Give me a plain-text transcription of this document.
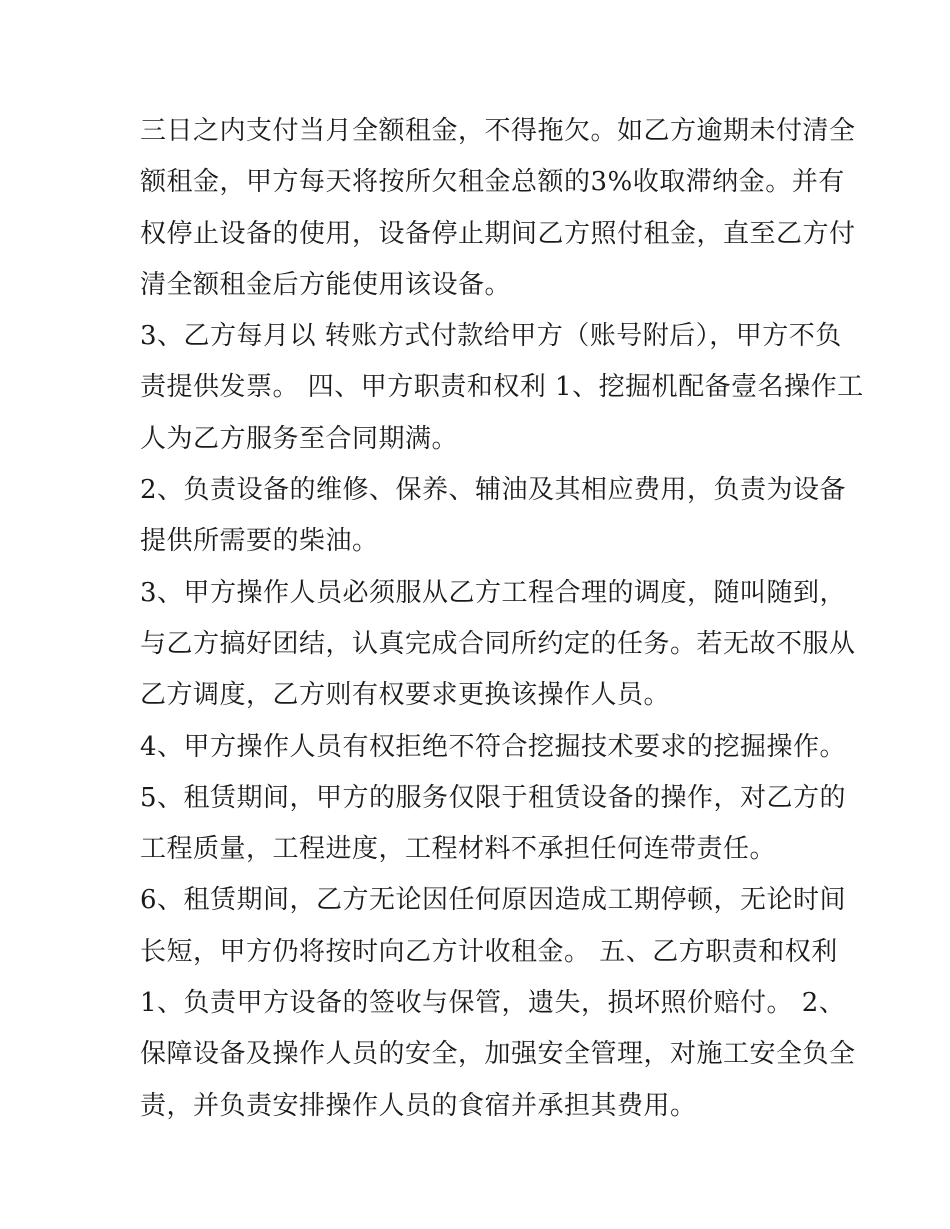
三日之内支付当月全额租金，不得拖欠。如乙方逾期未付清全
额租金，甲方每天将按所欠租金总额的3%收取滞纳金。并有
权停止设备的使用，设备停止期间乙方照付租金，直至乙方付
清全额租金后方能使用该设备。
3、乙方每月以 转账方式付款给甲方（账号附后），甲方不负
责提供发票。 四、甲方职责和权利 1、挖掘机配备壹名操作工
人为乙方服务至合同期满。
2、负责设备的维修、保养、辅油及其相应费用，负责为设备
提供所需要的柴油。
3、甲方操作人员必须服从乙方工程合理的调度，随叫随到，
与乙方搞好团结，认真完成合同所约定的任务。若无故不服从
乙方调度，乙方则有权要求更换该操作人员。
4、甲方操作人员有权拒绝不符合挖掘技术要求的挖掘操作。
5、租赁期间，甲方的服务仅限于租赁设备的操作，对乙方的
工程质量，工程进度，工程材料不承担任何连带责任。
6、租赁期间，乙方无论因任何原因造成工期停顿，无论时间
长短，甲方仍将按时向乙方计收租金。 五、乙方职责和权利
1、负责甲方设备的签收与保管，遗失，损坏照价赔付。 2、
保障设备及操作人员的安全，加强安全管理，对施工安全负全
责，并负责安排操作人员的食宿并承担其费用。
